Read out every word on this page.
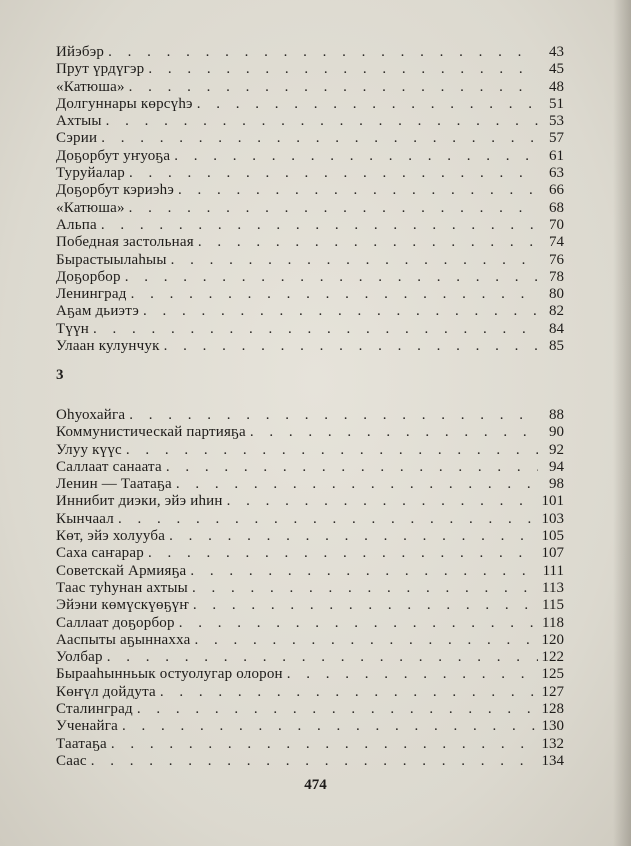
Ийэбэр . . .	43
Прут үрдүгэр . . .	45
«Катюша» . . .	48
Долгуннары көрсүһэ . . .	51
Ахтыы . . .	53
Сэрии . . .	57
Доҕорбут уҥуоҕа . . .	61
Туруйалар . . .	63
Доҕорбут кэриэһэ . . .	66
«Катюша» . . .	68
Альпа . . .	70
Победная застольная . . .	74
Бырастыылаһыы . . .	76
Доҕорбор . . .	78
Ленинград . . .	80
Аҕам дьиэтэ . . .	82
Түүн . . .	84
Улаан кулунчук . . .	85
3
Оһуохайга . . .	88
Коммунистическай партияҕа . . .	90
Улуу күүс . . .	92
Саллаат санаата . . .	94
Ленин — Таатаҕа . . .	98
Иннибит диэки, эйэ иһин . . .	101
Кынчаал . . .	103
Көт, эйэ холууба . . .	105
Саха саҥарар . . .	107
Советскай Армияҕа . . .	111
Таас туһунан ахтыы . . .	113
Эйэни көмүскүөҕүҥ . . .	115
Саллаат доҕорбор . . .	118
Ааспыты аҕыннахха . . .	120
Уолбар . . .	122
Бырааһынньык остуолугар олорон . . .	125
Көҥүл дойдута . . .	127
Сталинград . . .	128
Ученайга . . .	130
Таатаҕа . . .	132
Саас . . .	134
474
